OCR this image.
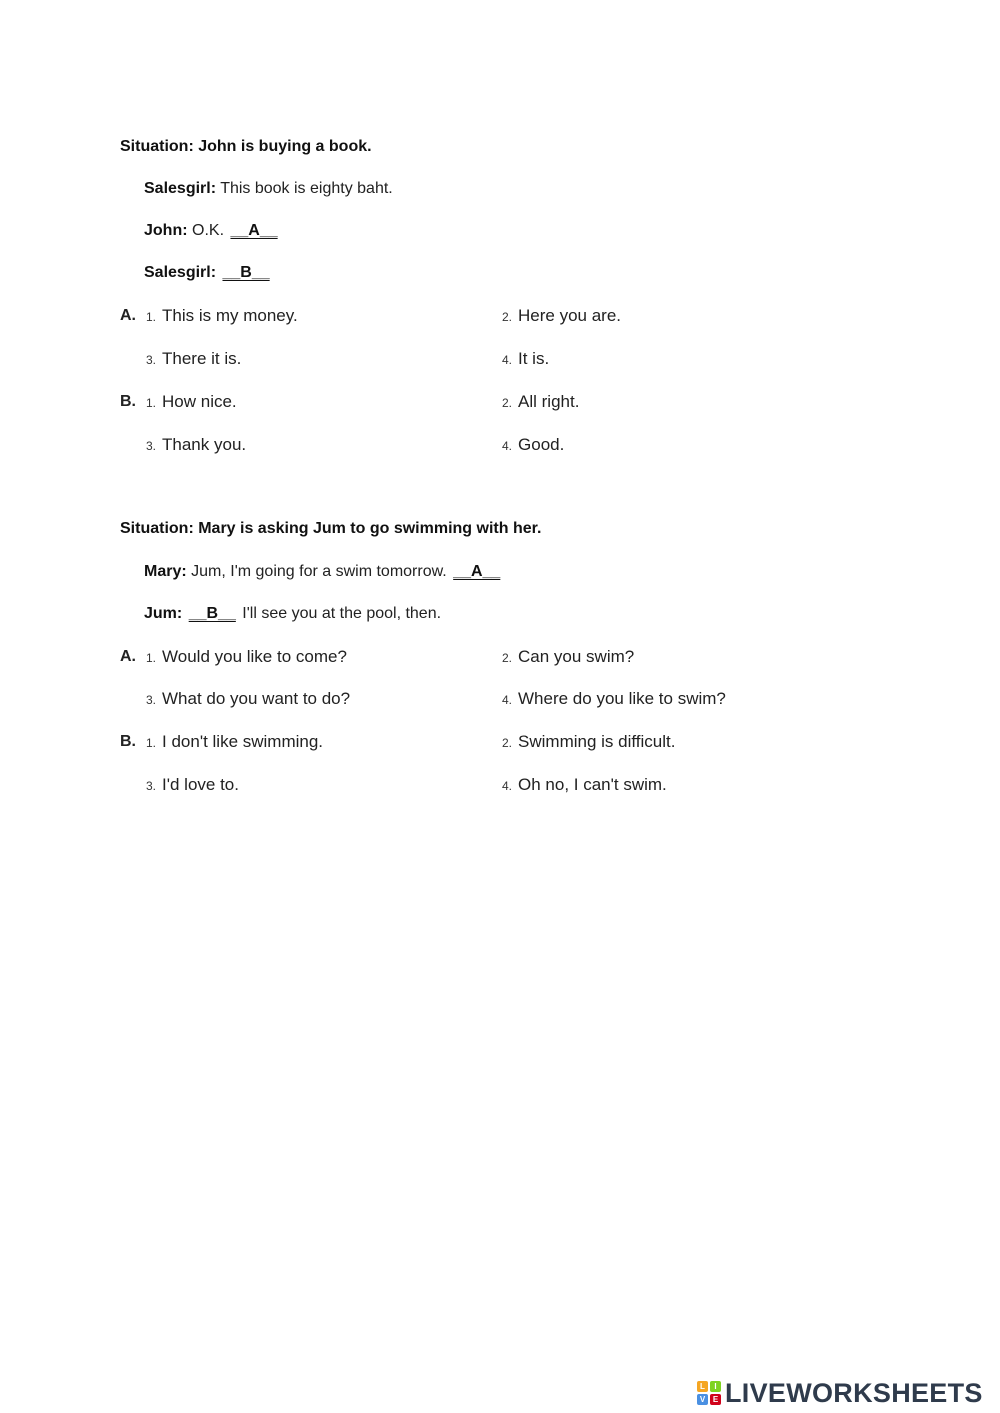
Situation: John is buying a book.
Salesgirl: This book is eighty baht.
John: O.K. __A__
Salesgirl: __B__
A. 1. This is my money.	2. Here you are.
3. There it is.	4. It is.
B. 1. How nice.	2. All right.
3. Thank you.	4. Good.
Situation: Mary is asking Jum to go swimming with her.
Mary: Jum, I'm going for a swim tomorrow. __A__
Jum: __B__ I'll see you at the pool, then.
A. 1. Would you like to come?	2. Can you swim?
3. What do you want to do?	4. Where do you like to swim?
B. 1. I don't like swimming.	2. Swimming is difficult.
3. I'd love to.	4. Oh no, I can't swim.
L	I
V E LIVEWORKSHEETS
